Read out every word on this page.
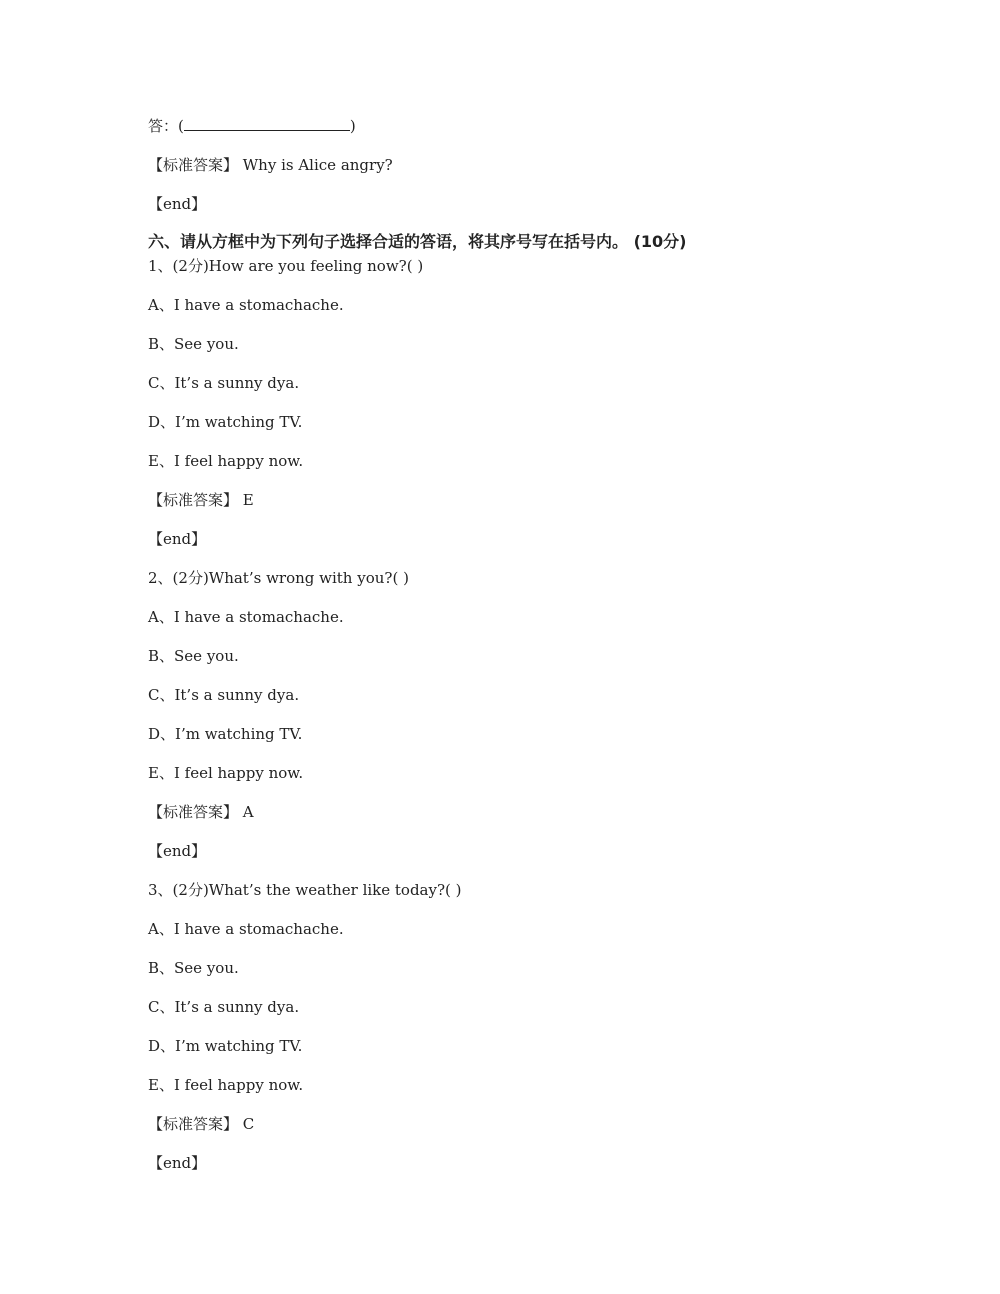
答：(	)

【标准答案】 Why is Alice angry?

【end】

六、请从方框中为下列句子选择合适的答语，将其序号写在括号内。 (10分)

1、(2分)How are you feeling now?( )

A、I have a stomachache.

B、See you.

C、It’s a sunny dya.

D、I’m watching TV.

E、I feel happy now.

【标准答案】 E

【end】

2、(2分)What’s wrong with you?( )

A、I have a stomachache.

B、See you.

C、It’s a sunny dya.

D、I’m watching TV.

E、I feel happy now.

【标准答案】 A

【end】

3、(2分)What’s the weather like today?( )

A、I have a stomachache.

B、See you.

C、It’s a sunny dya.

D、I’m watching TV.

E、I feel happy now.

【标准答案】 C

【end】
